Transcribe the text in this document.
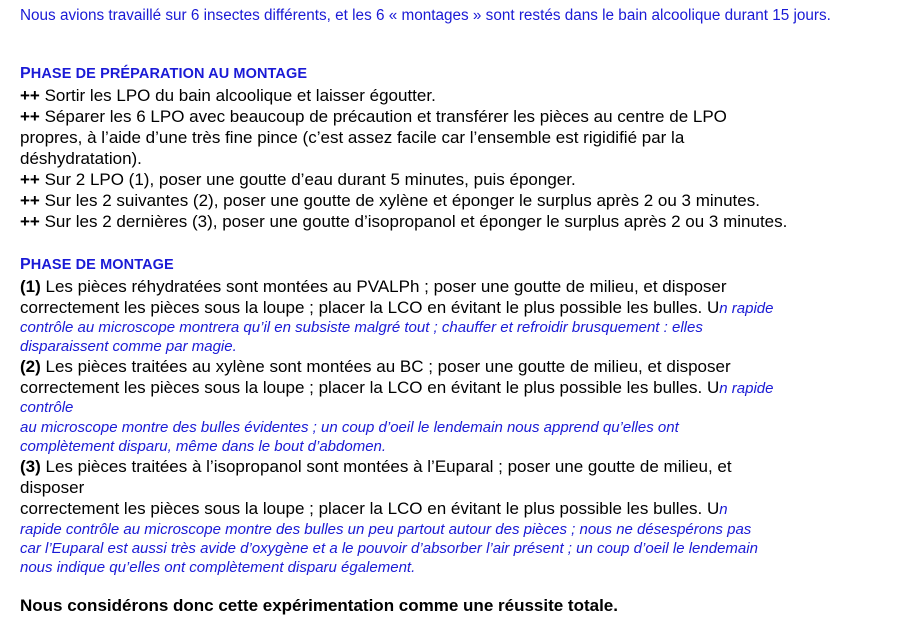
Nous avions travaillé sur 6 insectes différents, et les 6 « montages » sont restés dans le bain alcoolique durant 15 jours.
PHASE DE PRÉPARATION AU MONTAGE
++ Sortir les LPO du bain alcoolique et laisser égoutter.
++ Séparer les 6 LPO avec beaucoup de précaution et transférer les pièces au centre de LPO
propres, à l’aide d’une très fine pince (c’est assez facile car l’ensemble est rigidifié par la
déshydratation).
++ Sur 2 LPO (1), poser une goutte d’eau durant 5 minutes, puis éponger.
++ Sur les 2 suivantes (2), poser une goutte de xylène et éponger le surplus après 2 ou 3 minutes.
++ Sur les 2 dernières (3), poser une goutte d’isopropanol et éponger le surplus après 2 ou 3 minutes.
PHASE DE MONTAGE
(1) Les pièces réhydratées sont montées au PVALPh ; poser une goutte de milieu, et disposer
correctement les pièces sous la loupe ; placer la LCO en évitant le plus possible les bulles. Un rapide
contrôle au microscope montrera qu’il en subsiste malgré tout ; chauffer et refroidir brusquement : elles
disparaissent comme par magie.
(2) Les pièces traitées au xylène sont montées au BC ; poser une goutte de milieu, et disposer
correctement les pièces sous la loupe ; placer la LCO en évitant le plus possible les bulles. Un rapide
contrôle
au microscope montre des bulles évidentes ; un coup d’oeil le lendemain nous apprend qu’elles ont
complètement disparu, même dans le bout d’abdomen.
(3) Les pièces traitées à l’isopropanol sont montées à l’Euparal ; poser une goutte de milieu, et
disposer
correctement les pièces sous la loupe ; placer la LCO en évitant le plus possible les bulles. Un
rapide contrôle au microscope montre des bulles un peu partout autour des pièces ; nous ne désespérons pas
car l’Euparal est aussi très avide d’oxygène et a le pouvoir d’absorber l’air présent ; un coup d’oeil le lendemain
nous indique qu’elles ont complètement disparu également.
Nous considérons donc cette expérimentation comme une réussite totale.
